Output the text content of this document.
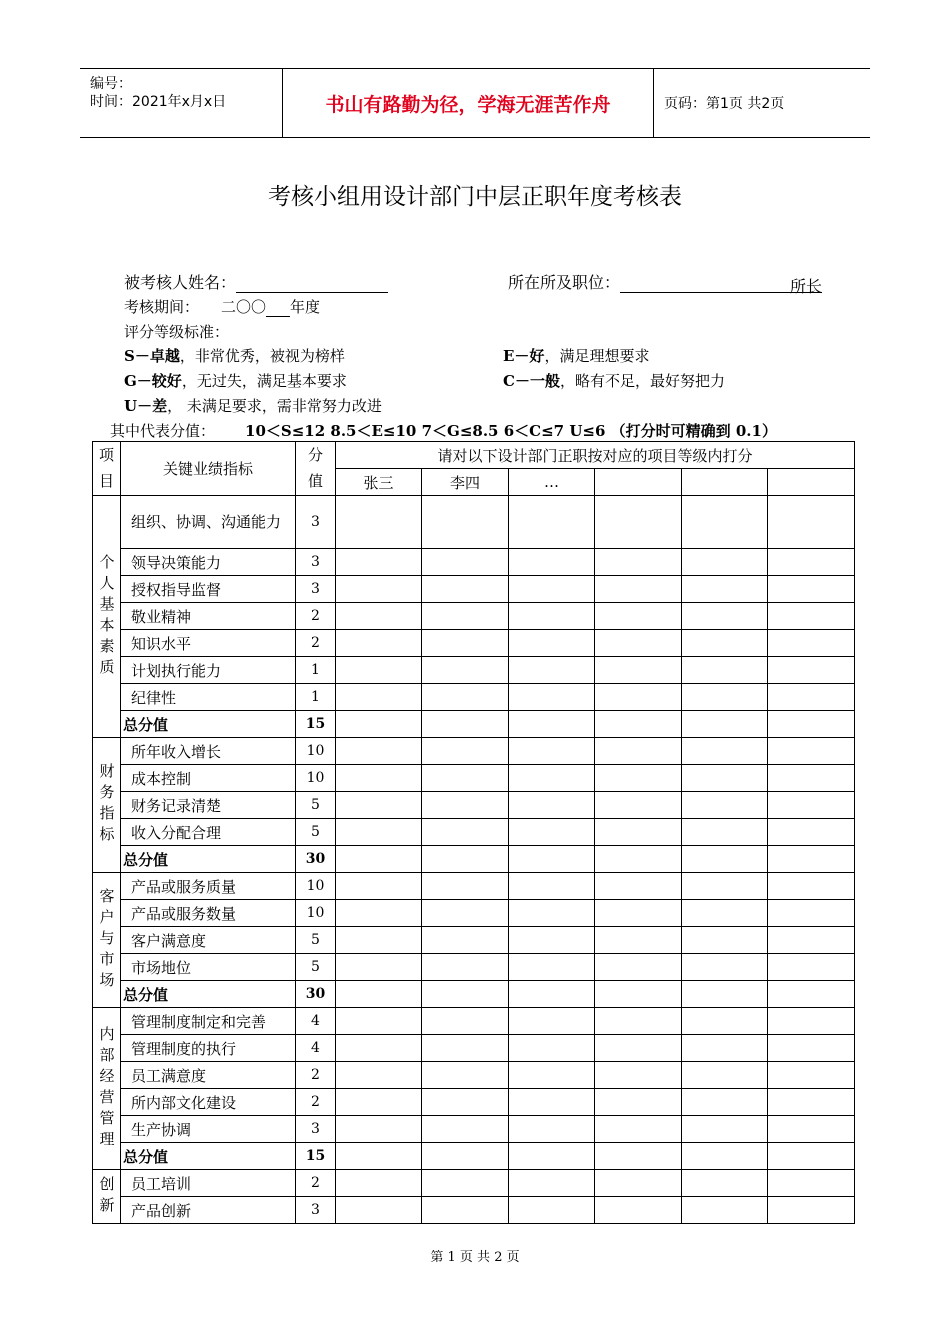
编号：
时间：2021年x月x日	书山有路勤为径，学海无涯苦作舟	页码：第1页 共2页
考核小组用设计部门中层正职年度考核表
被考核人姓名：	所在所及职位：	所长
考核期间： 二〇〇 年度
评分等级标准：
S－卓越，非常优秀，被视为榜样	E－好，满足理想要求
G－较好，无过失，满足基本要求	C－一般，略有不足，最好努把力
U－差， 未满足要求，需非常努力改进
其中代表分值： 10＜S≤12 8.5＜E≤10 7＜G≤8.5 6＜C≤7 U≤6 （打分时可精确到 0.1）
项目	关键业绩指标	分值	请对以下设计部门正职按对应的项目等级内打分					
			张三	李四	…			
个人基本素质	组织、协调、沟通能力	3						
	领导决策能力	3						
	授权指导监督	3						
	敬业精神	2						
	知识水平	2						
	计划执行能力	1						
	纪律性	1						
	总分值	15						
财务指标	所年收入增长	10						
	成本控制	10						
	财务记录清楚	5						
	收入分配合理	5						
	总分值	30						
客户与市场	产品或服务质量	10						
	产品或服务数量	10						
	客户满意度	5						
	市场地位	5						
	总分值	30						
内部经营管理	管理制度制定和完善	4						
	管理制度的执行	4						
	员工满意度	2						
	所内部文化建设	2						
	生产协调	3						
	总分值	15						
创新	员工培训	2						
	产品创新	3						
第 1 页 共 2 页
